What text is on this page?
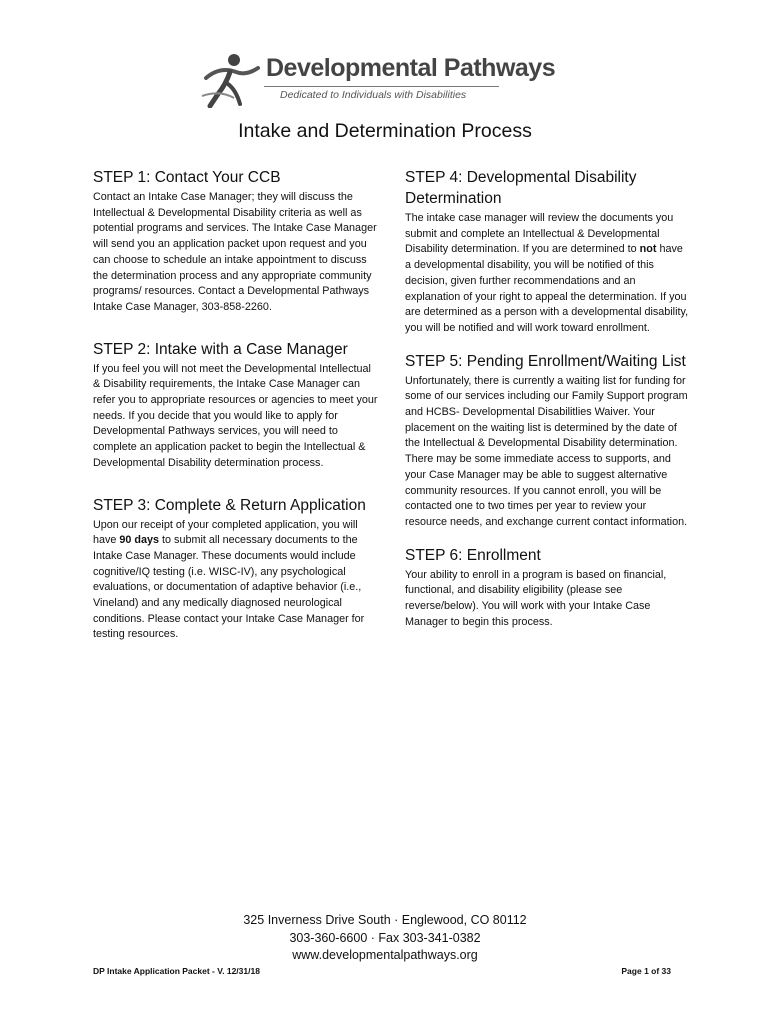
Developmental Pathways
Dedicated to Individuals with Disabilities
Intake and Determination Process
STEP 1: Contact Your CCB

Contact an Intake Case Manager; they will discuss the Intellectual & Developmental Disability criteria as well as potential programs and services. The Intake Case Manager will send you an application packet upon request and you can choose to schedule an intake appointment to discuss the determination process and any appropriate community programs/ resources. Contact a Developmental Pathways Intake Case Manager, 303-858-2260.

STEP 2: Intake with a Case Manager

If you feel you will not meet the Developmental Intellectual & Disability requirements, the Intake Case Manager can refer you to appropriate resources or agencies to meet your needs. If you decide that you would like to apply for Developmental Pathways services, you will need to complete an application packet to begin the Intellectual & Developmental Disability determination process.

STEP 3: Complete & Return Application

Upon our receipt of your completed application, you will have 90 days to submit all necessary documents to the Intake Case Manager. These documents would include cognitive/IQ testing (i.e. WISC-IV), any psychological evaluations, or documentation of adaptive behavior (i.e., Vineland) and any medically diagnosed neurological conditions. Please contact your Intake Case Manager for testing resources.

STEP 4: Developmental Disability Determination

The intake case manager will review the documents you submit and complete an Intellectual & Developmental Disability determination. If you are determined to not have a developmental disability, you will be notified of this decision, given further recommendations and an explanation of your right to appeal the determination. If you are determined as a person with a developmental disability, you will be notified and will work toward enrollment.

STEP 5: Pending Enrollment/Waiting List

Unfortunately, there is currently a waiting list for funding for some of our services including our Family Support program and HCBS- Developmental Disabilitlies Waiver. Your placement on the waiting list is determined by the date of the Intellectual & Developmental Disability determination. There may be some immediate access to supports, and your Case Manager may be able to suggest alternative community resources. If you cannot enroll, you will be contacted one to two times per year to review your resource needs, and exchange current contact information.

STEP 6: Enrollment

Your ability to enroll in a program is based on financial, functional, and disability eligibility (please see reverse/below). You will work with your Intake Case Manager to begin this process.

325 Inverness Drive South · Englewood, CO 80112
303-360-6600 · Fax 303-341-0382
www.developmentalpathways.org
DP Intake Application Packet - V. 12/31/18	Page 1 of 33
